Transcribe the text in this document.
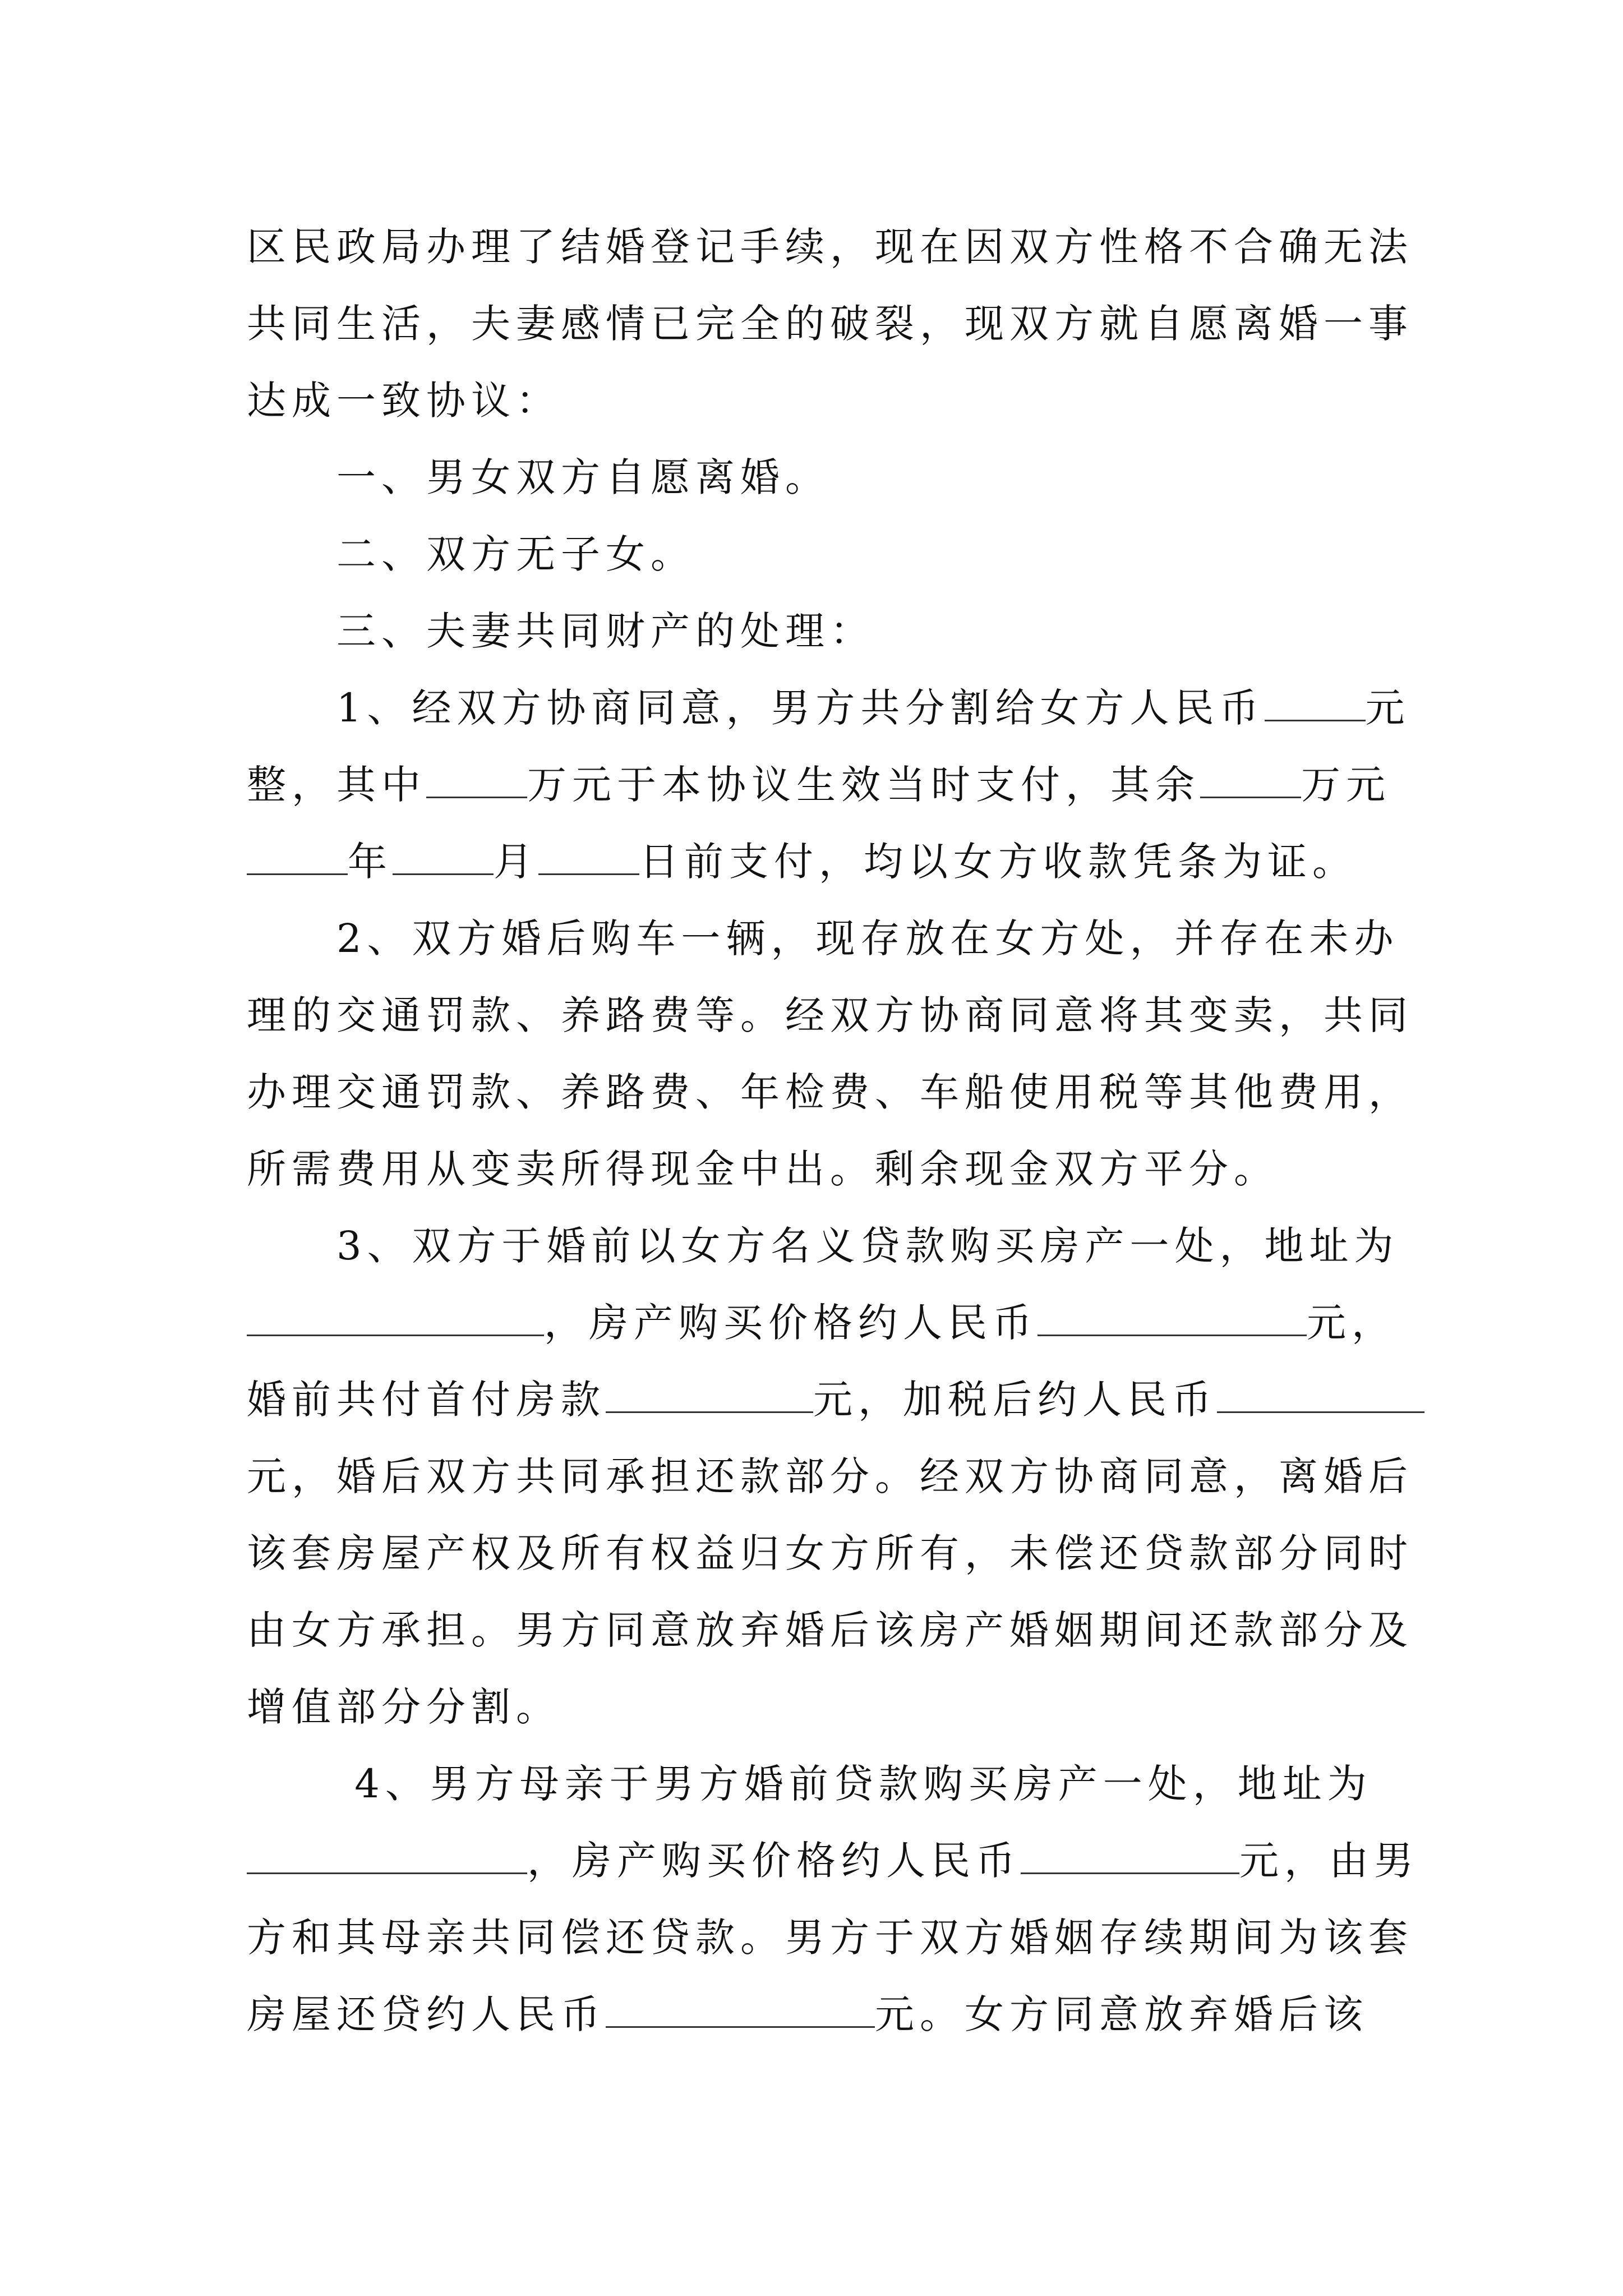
区民政局办理了结婚登记手续，现在因双方性格不合确无法
共同生活，夫妻感情已完全的破裂，现双方就自愿离婚一事
达成一致协议：
　　一、男女双方自愿离婚。
　　二、双方无子女。
　　三、夫妻共同财产的处理：
　　1、经双方协商同意，男方共分割给女方人民币	元
整，其中	万元于本协议生效当时支付，其余	万元
年	月	日前支付，均以女方收款凭条为证。
　　2、双方婚后购车一辆，现存放在女方处，并存在未办
理的交通罚款、养路费等。经双方协商同意将其变卖，共同
办理交通罚款、养路费、年检费、车船使用税等其他费用，
所需费用从变卖所得现金中出。剩余现金双方平分。
　　3、双方于婚前以女方名义贷款购买房产一处，地址为
，房产购买价格约人民币	元，
婚前共付首付房款	元，加税后约人民币
元，婚后双方共同承担还款部分。经双方协商同意，离婚后
该套房屋产权及所有权益归女方所有，未偿还贷款部分同时
由女方承担。男方同意放弃婚后该房产婚姻期间还款部分及
增值部分分割。
　　 4、男方母亲于男方婚前贷款购买房产一处，地址为
，房产购买价格约人民币	元，由男
方和其母亲共同偿还贷款。男方于双方婚姻存续期间为该套
房屋还贷约人民币	元。女方同意放弃婚后该
